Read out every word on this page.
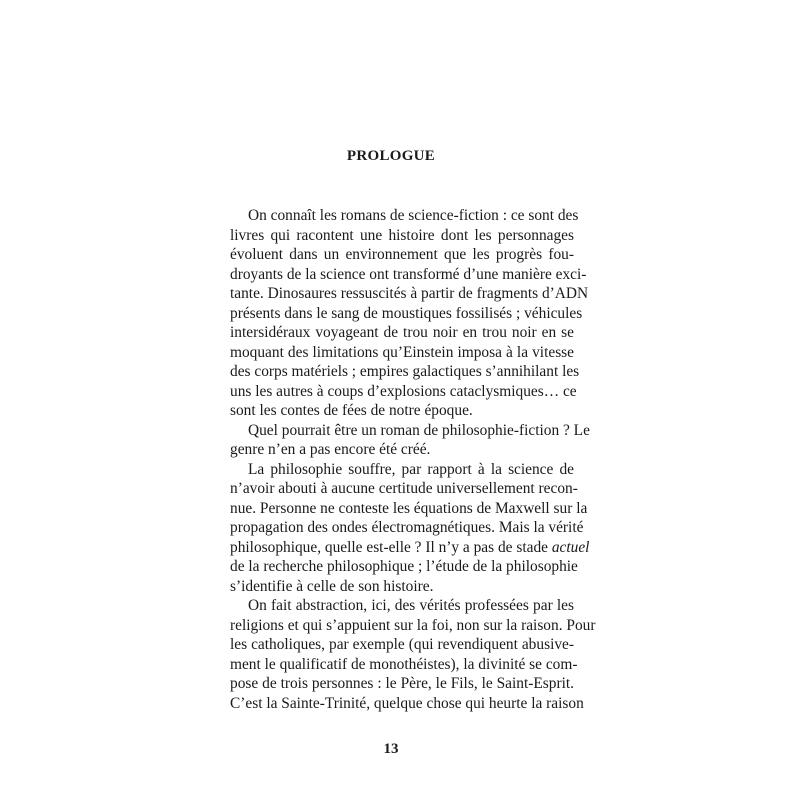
PROLOGUE
On connaît les romans de science-fiction : ce sont des
livres qui racontent une histoire dont les personnages
évoluent dans un environnement que les progrès fou-
droyants de la science ont transformé d’une manière exci-
tante. Dinosaures ressuscités à partir de fragments d’ADN
présents dans le sang de moustiques fossilisés ; véhicules
intersidéraux voyageant de trou noir en trou noir en se
moquant des limitations qu’Einstein imposa à la vitesse
des corps matériels ; empires galactiques s’annihilant les
uns les autres à coups d’explosions cataclysmiques… ce
sont les contes de fées de notre époque.
Quel pourrait être un roman de philosophie-fiction ? Le
genre n’en a pas encore été créé.
La philosophie souffre, par rapport à la science de
n’avoir abouti à aucune certitude universellement recon-
nue. Personne ne conteste les équations de Maxwell sur la
propagation des ondes électromagnétiques. Mais la vérité
philosophique, quelle est-elle ? Il n’y a pas de stade actuel
de la recherche philosophique ; l’étude de la philosophie
s’identifie à celle de son histoire.
On fait abstraction, ici, des vérités professées par les
religions et qui s’appuient sur la foi, non sur la raison. Pour
les catholiques, par exemple (qui revendiquent abusive-
ment le qualificatif de monothéistes), la divinité se com-
pose de trois personnes : le Père, le Fils, le Saint-Esprit.
C’est la Sainte-Trinité, quelque chose qui heurte la raison
13
